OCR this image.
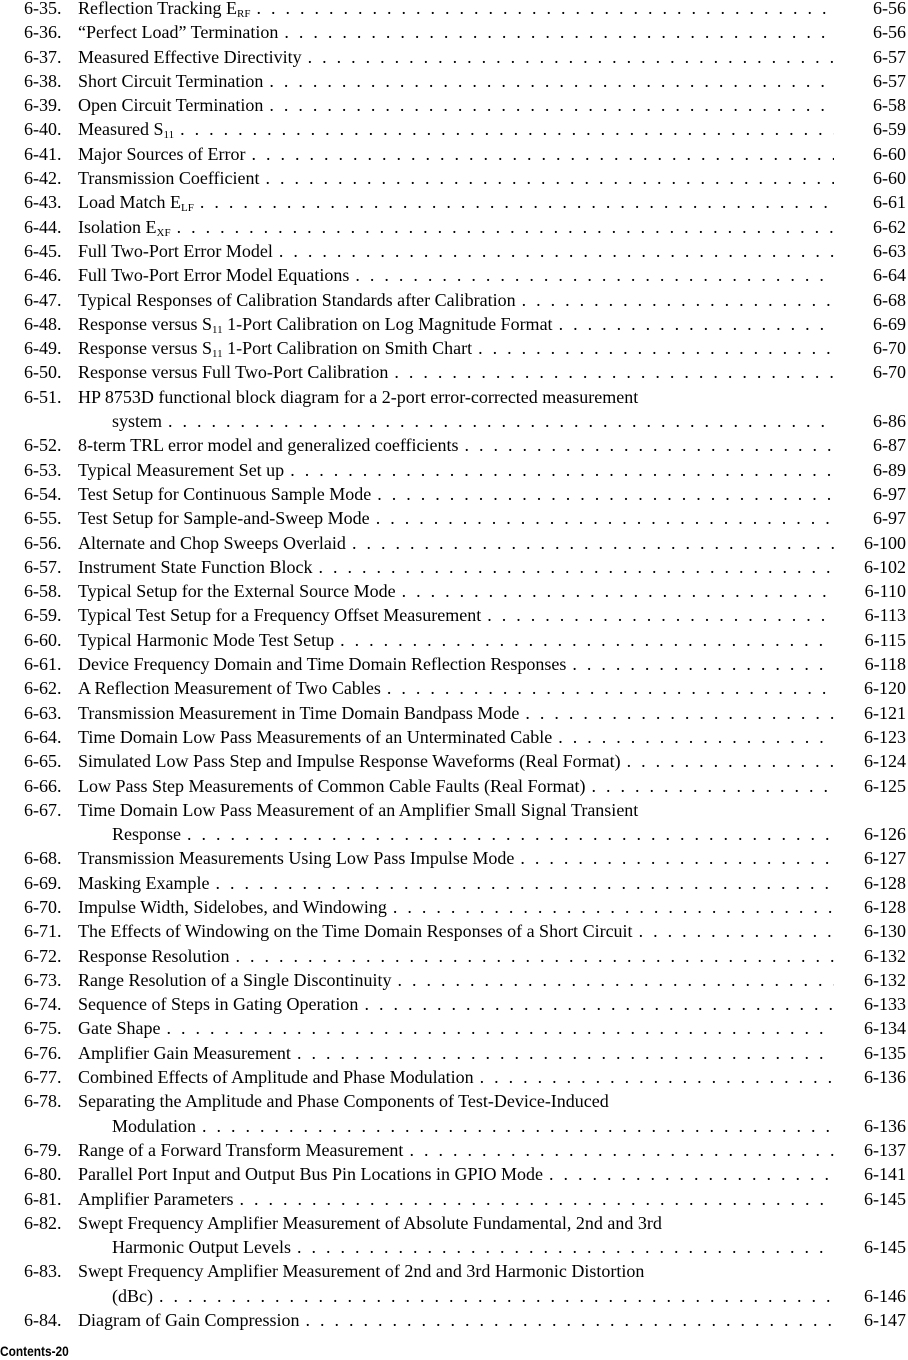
6-35. Reflection Tracking $E_{RF}$ . . .	6-56
6-36. “Perfect Load” Termination . . .	6-56
6-37. Measured Effective Directivity . . .	6-57
6-38. Short Circuit Termination . . .	6-57
6-39. Open Circuit Termination . . .	6-58
6-40. Measured $S_{11}$ . . .	6-59
6-41. Major Sources of Error . . .	6-60
6-42. Transmission Coefficient . . .	6-60
6-43. Load Match $E_{LF}$ . . .	6-61
6-44. Isolation $E_{XF}$ . . .	6-62
6-45. Full Two-Port Error Model . . .	6-63
6-46. Full Two-Port Error Model Equations . . .	6-64
6-47. Typical Responses of Calibration Standards after Calibration . . .	6-68
6-48. Response versus $S_{11}$ 1-Port Calibration on Log Magnitude Format . . .	6-69
6-49. Response versus $S_{11}$ 1-Port Calibration on Smith Chart . . .	6-70
6-50. Response versus Full Two-Port Calibration . . .	6-70
6-51. HP 8753D functional block diagram for a 2-port error-corrected measurement
system . . .	6-86
6-52. 8-term TRL error model and generalized coefficients . . .	6-87
6-53. Typical Measurement Set up . . .	6-89
6-54. Test Setup for Continuous Sample Mode . . .	6-97
6-55. Test Setup for Sample-and-Sweep Mode . . .	6-97
6-56. Alternate and Chop Sweeps Overlaid . . .	6-100
6-57. Instrument State Function Block . . .	6-102
6-58. Typical Setup for the External Source Mode . . .	6-110
6-59. Typical Test Setup for a Frequency Offset Measurement . . .	6-113
6-60. Typical Harmonic Mode Test Setup . . .	6-115
6-61. Device Frequency Domain and Time Domain Reflection Responses . . .	6-118
6-62. A Reflection Measurement of Two Cables . . .	6-120
6-63. Transmission Measurement in Time Domain Bandpass Mode . . .	6-121
6-64. Time Domain Low Pass Measurements of an Unterminated Cable . . .	6-123
6-65. Simulated Low Pass Step and Impulse Response Waveforms (Real Format) . . .	6-124
6-66. Low Pass Step Measurements of Common Cable Faults (Real Format) . . .	6-125
6-67. Time Domain Low Pass Measurement of an Amplifier Small Signal Transient
Response . . .	6-126
6-68. Transmission Measurements Using Low Pass Impulse Mode . . .	6-127
6-69. Masking Example . . .	6-128
6-70. Impulse Width, Sidelobes, and Windowing . . .	6-128
6-71. The Effects of Windowing on the Time Domain Responses of a Short Circuit . . .	6-130
6-72. Response Resolution . . .	6-132
6-73. Range Resolution of a Single Discontinuity . . .	6-132
6-74. Sequence of Steps in Gating Operation . . .	6-133
6-75. Gate Shape . . .	6-134
6-76. Amplifier Gain Measurement . . .	6-135
6-77. Combined Effects of Amplitude and Phase Modulation . . .	6-136
6-78. Separating the Amplitude and Phase Components of Test-Device-Induced
Modulation . . .	6-136
6-79. Range of a Forward Transform Measurement . . .	6-137
6-80. Parallel Port Input and Output Bus Pin Locations in GPIO Mode . . .	6-141
6-81. Amplifier Parameters . . .	6-145
6-82. Swept Frequency Amplifier Measurement of Absolute Fundamental, 2nd and 3rd
Harmonic Output Levels . . .	6-145
6-83. Swept Frequency Amplifier Measurement of 2nd and 3rd Harmonic Distortion
(dBc) . . .	6-146
6-84. Diagram of Gain Compression . . .	6-147
Contents-20
